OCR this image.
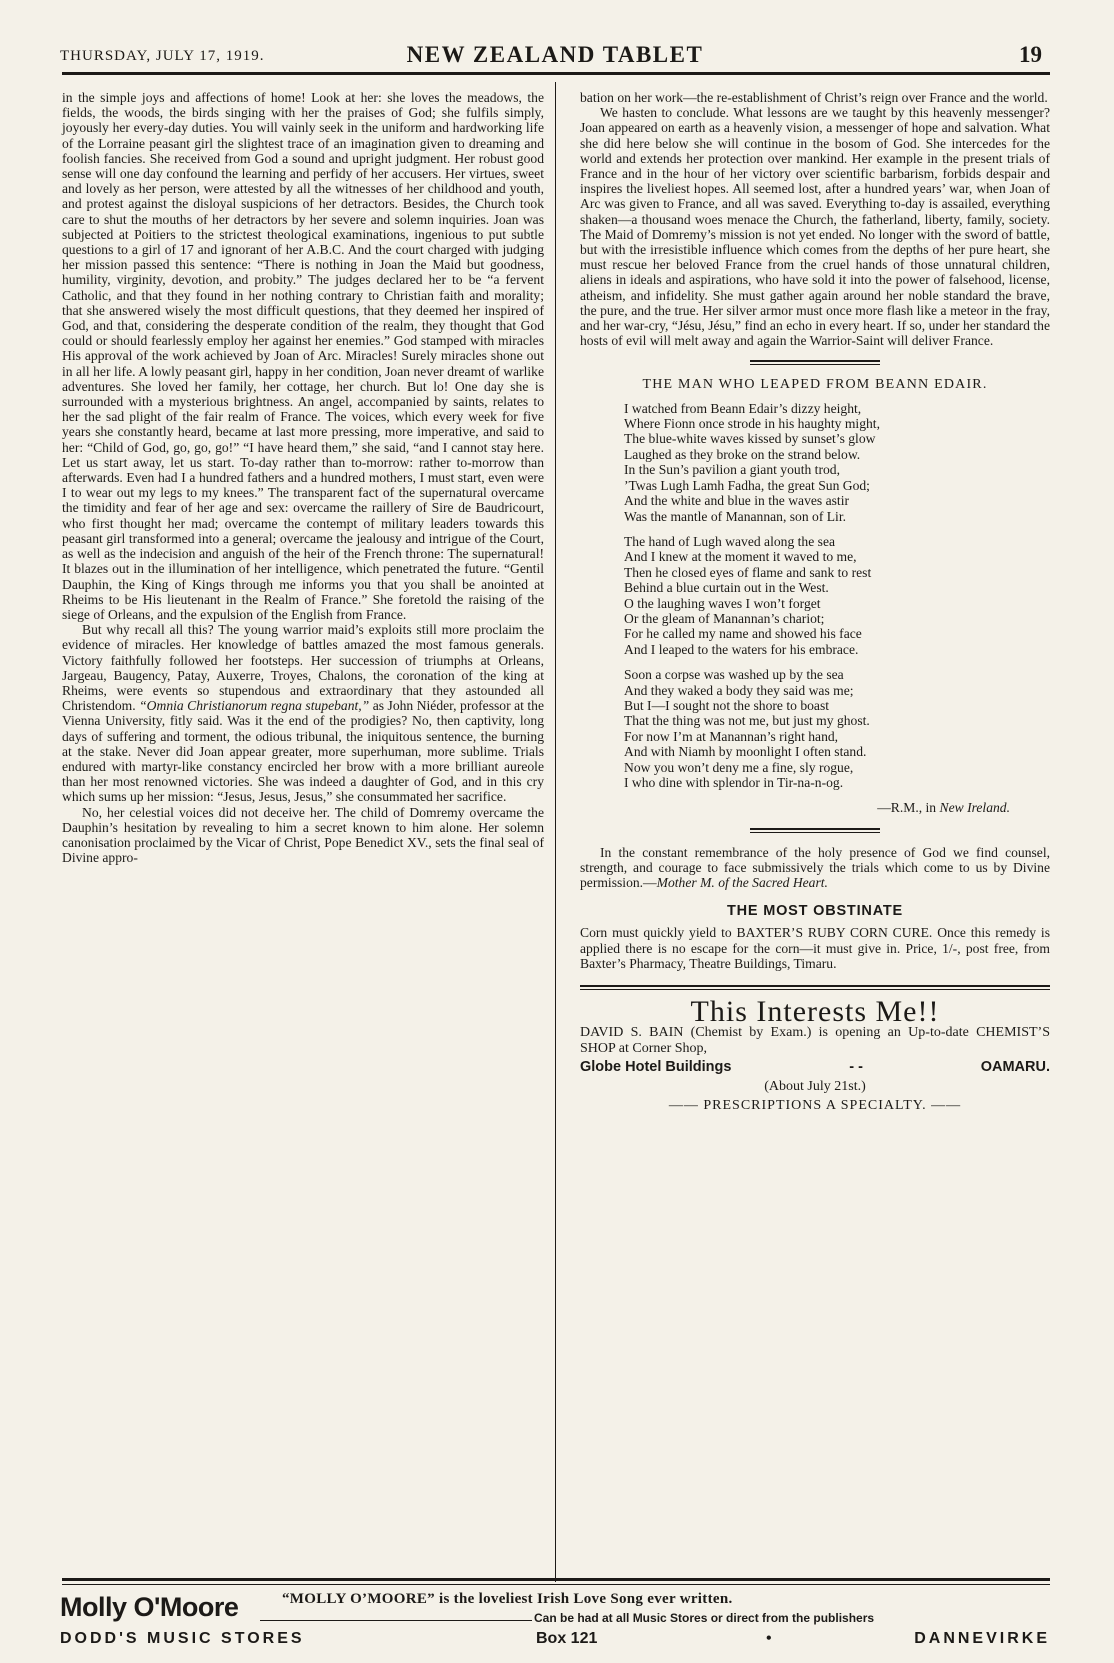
THURSDAY, JULY 17, 1919.	NEW ZEALAND TABLET	19

in the simple joys and affections of home! Look at her: she loves the meadows, the fields, the woods, the birds singing with her the praises of God; she fulfils simply, joyously her every-day duties. You will vainly seek in the uniform and hardworking life of the Lorraine peasant girl the slightest trace of an imagination given to dreaming and foolish fancies. She received from God a sound and upright judgment. Her robust good sense will one day confound the learning and perfidy of her accusers. Her virtues, sweet and lovely as her person, were attested by all the witnesses of her childhood and youth, and protest against the disloyal suspicions of her detractors. Besides, the Church took care to shut the mouths of her detractors by her severe and solemn inquiries. Joan was subjected at Poitiers to the strictest theological examinations, ingenious to put subtle questions to a girl of 17 and ignorant of her A.B.C. And the court charged with judging her mission passed this sentence: “There is nothing in Joan the Maid but goodness, humility, virginity, devotion, and probity.” The judges declared her to be “a fervent Catholic, and that they found in her nothing contrary to Christian faith and morality; that she answered wisely the most difficult questions, that they deemed her inspired of God, and that, considering the desperate condition of the realm, they thought that God could or should fearlessly employ her against her enemies.” God stamped with miracles His approval of the work achieved by Joan of Arc. Miracles! Surely miracles shone out in all her life. A lowly peasant girl, happy in her condition, Joan never dreamt of warlike adventures. She loved her family, her cottage, her church. But lo! One day she is surrounded with a mysterious brightness. An angel, accompanied by saints, relates to her the sad plight of the fair realm of France. The voices, which every week for five years she constantly heard, became at last more pressing, more imperative, and said to her: “Child of God, go, go, go!” “I have heard them,” she said, “and I cannot stay here. Let us start away, let us start. To-day rather than to-morrow: rather to-morrow than afterwards. Even had I a hundred fathers and a hundred mothers, I must start, even were I to wear out my legs to my knees.” The transparent fact of the supernatural overcame the timidity and fear of her age and sex: overcame the raillery of Sire de Baudricourt, who first thought her mad; overcame the contempt of military leaders towards this peasant girl transformed into a general; overcame the jealousy and intrigue of the Court, as well as the indecision and anguish of the heir of the French throne: The supernatural! It blazes out in the illumination of her intelligence, which penetrated the future. “Gentil Dauphin, the King of Kings through me informs you that you shall be anointed at Rheims to be His lieutenant in the Realm of France.” She foretold the raising of the siege of Orleans, and the expulsion of the English from France.

But why recall all this? The young warrior maid’s exploits still more proclaim the evidence of miracles. Her knowledge of battles amazed the most famous generals. Victory faithfully followed her footsteps. Her succession of triumphs at Orleans, Jargeau, Baugency, Patay, Auxerre, Troyes, Chalons, the coronation of the king at Rheims, were events so stupendous and extraordinary that they astounded all Christendom. “Omnia Christianorum regna stupebant,” as John Niéder, professor at the Vienna University, fitly said. Was it the end of the prodigies? No, then captivity, long days of suffering and torment, the odious tribunal, the iniquitous sentence, the burning at the stake. Never did Joan appear greater, more superhuman, more sublime. Trials endured with martyr-like constancy encircled her brow with a more brilliant aureole than her most renowned victories. She was indeed a daughter of God, and in this cry which sums up her mission: “Jesus, Jesus, Jesus,” she consummated her sacrifice.

No, her celestial voices did not deceive her. The child of Domremy overcame the Dauphin’s hesitation by revealing to him a secret known to him alone. Her solemn canonisation proclaimed by the Vicar of Christ, Pope Benedict XV., sets the final seal of Divine appro-

bation on her work—the re-establishment of Christ’s reign over France and the world.

We hasten to conclude. What lessons are we taught by this heavenly messenger? Joan appeared on earth as a heavenly vision, a messenger of hope and salvation. What she did here below she will continue in the bosom of God. She intercedes for the world and extends her protection over mankind. Her example in the present trials of France and in the hour of her victory over scientific barbarism, forbids despair and inspires the liveliest hopes. All seemed lost, after a hundred years’ war, when Joan of Arc was given to France, and all was saved. Everything to-day is assailed, everything shaken—a thousand woes menace the Church, the fatherland, liberty, family, society. The Maid of Domremy’s mission is not yet ended. No longer with the sword of battle, but with the irresistible influence which comes from the depths of her pure heart, she must rescue her beloved France from the cruel hands of those unnatural children, aliens in ideals and aspirations, who have sold it into the power of falsehood, license, atheism, and infidelity. She must gather again around her noble standard the brave, the pure, and the true. Her silver armor must once more flash like a meteor in the fray, and her war-cry, “Jésu, Jésu,” find an echo in every heart. If so, under her standard the hosts of evil will melt away and again the Warrior-Saint will deliver France.

THE MAN WHO LEAPED FROM BEANN EDAIR.
I watched from Beann Edair’s dizzy height,
Where Fionn once strode in his haughty might,
The blue-white waves kissed by sunset’s glow
Laughed as they broke on the strand below.
In the Sun’s pavilion a giant youth trod,
’Twas Lugh Lamh Fadha, the great Sun God;
And the white and blue in the waves astir
Was the mantle of Manannan, son of Lir.
The hand of Lugh waved along the sea
And I knew at the moment it waved to me,
Then he closed eyes of flame and sank to rest
Behind a blue curtain out in the West.
O the laughing waves I won’t forget
Or the gleam of Manannan’s chariot;
For he called my name and showed his face
And I leaped to the waters for his embrace.
Soon a corpse was washed up by the sea
And they waked a body they said was me;
But I—I sought not the shore to boast
That the thing was not me, but just my ghost.
For now I’m at Manannan’s right hand,
And with Niamh by moonlight I often stand.
Now you won’t deny me a fine, sly rogue,
I who dine with splendor in Tir-na-n-og.
—R.M., in New Ireland.

In the constant remembrance of the holy presence of God we find counsel, strength, and courage to face submissively the trials which come to us by Divine permission.—Mother M. of the Sacred Heart.

THE MOST OBSTINATE
Corn must quickly yield to BAXTER’S RUBY CORN CURE. Once this remedy is applied there is no escape for the corn—it must give in. Price, 1/-, post free, from Baxter’s Pharmacy, Theatre Buildings, Timaru.
This Interests Me!!
DAVID S. BAIN (Chemist by Exam.) is opening an Up-to-date CHEMIST’S SHOP at Corner Shop,
Globe Hotel Buildings	- -	OAMARU.
(About July 21st.)
—— PRESCRIPTIONS A SPECIALTY. ——
Molly O'Moore	“MOLLY O’MOORE” is the loveliest Irish Love Song ever written.
Can be had at all Music Stores or direct from the publishers
DODD'S MUSIC STORES	Box 121	•	DANNEVIRKE
